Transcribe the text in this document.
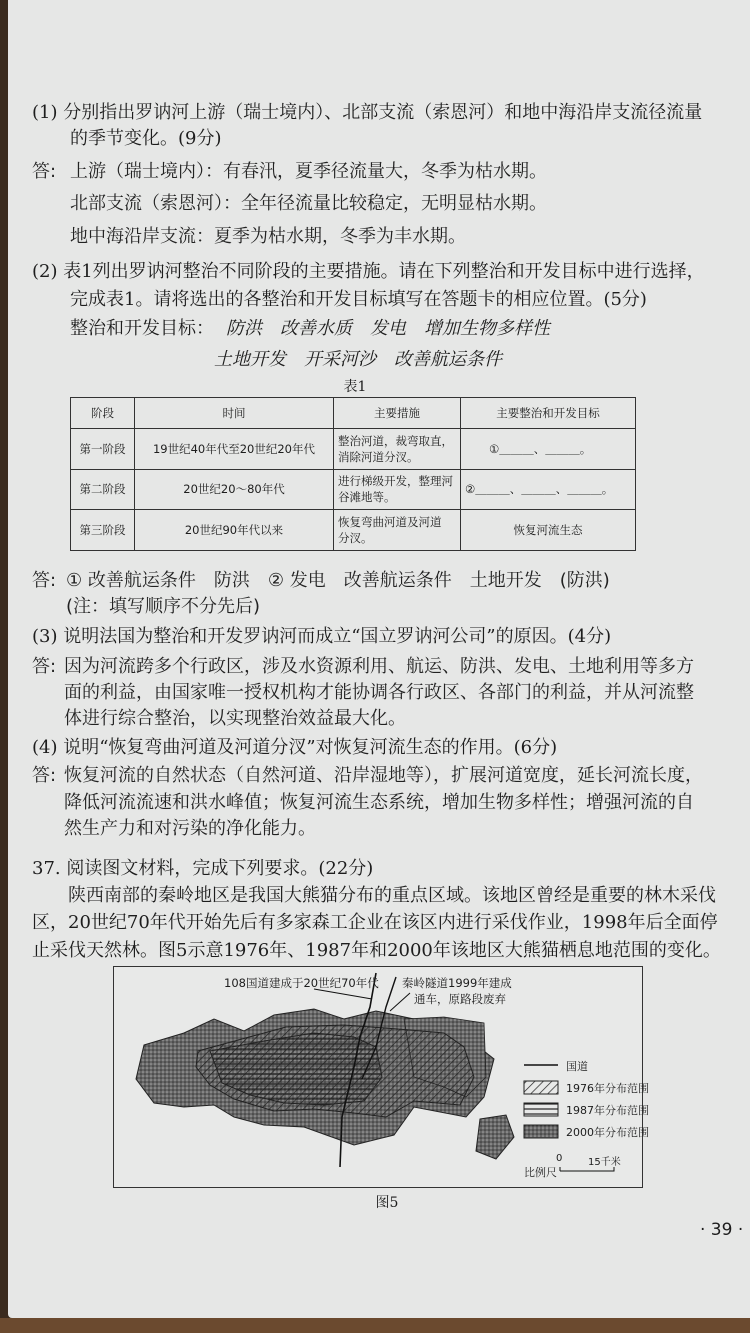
(1) 分别指出罗讷河上游（瑞士境内）、北部支流（索恩河）和地中海沿岸支流径流量
的季节变化。(9分)
答: 上游（瑞士境内）：有春汛，夏季径流量大，冬季为枯水期。
北部支流（索恩河）：全年径流量比较稳定，无明显枯水期。
地中海沿岸支流：夏季为枯水期，冬季为丰水期。
(2) 表1列出罗讷河整治不同阶段的主要措施。请在下列整治和开发目标中进行选择，
完成表1。请将选出的各整治和开发目标填写在答题卡的相应位置。(5分)
整治和开发目标： 防洪　改善水质　发电　增加生物多样性
土地开发　开采河沙　改善航运条件
表1
阶段	时间	主要措施	主要整治和开发目标
第一阶段	19世纪40年代至20世纪20年代	整治河道，裁弯取直，
消除河道分汊。	①＿＿＿、＿＿＿。
第二阶段	20世纪20～80年代	进行梯级开发，整理河
谷滩地等。	②＿＿＿、＿＿＿、＿＿＿。
第三阶段	20世纪90年代以来	恢复弯曲河道及河道
分汊。	恢复河流生态
答: ① 改善航运条件　防洪　② 发电　改善航运条件　土地开发　(防洪)
(注：填写顺序不分先后)
(3) 说明法国为整治和开发罗讷河而成立“国立罗讷河公司”的原因。(4分)
答: 因为河流跨多个行政区，涉及水资源利用、航运、防洪、发电、土地利用等多方
面的利益，由国家唯一授权机构才能协调各行政区、各部门的利益，并从河流整
体进行综合整治，以实现整治效益最大化。
(4) 说明“恢复弯曲河道及河道分汊”对恢复河流生态的作用。(6分)
答: 恢复河流的自然状态（自然河道、沿岸湿地等），扩展河道宽度，延长河流长度，
降低河流流速和洪水峰值；恢复河流生态系统，增加生物多样性；增强河流的自
然生产力和对污染的净化能力。
37. 阅读图文材料，完成下列要求。(22分)
陕西南部的秦岭地区是我国大熊猫分布的重点区域。该地区曾经是重要的林木采伐
区，20世纪70年代开始先后有多家森工企业在该区内进行采伐作业，1998年后全面停
止采伐天然林。图5示意1976年、1987年和2000年该地区大熊猫栖息地范围的变化。
108国道建成于20世纪70年代 秦岭隧道1999年建成
通车，原路段废弃
国道
1976年分布范围
1987年分布范围
2000年分布范围
比例尺
0	15千米
图5
· 39 ·
